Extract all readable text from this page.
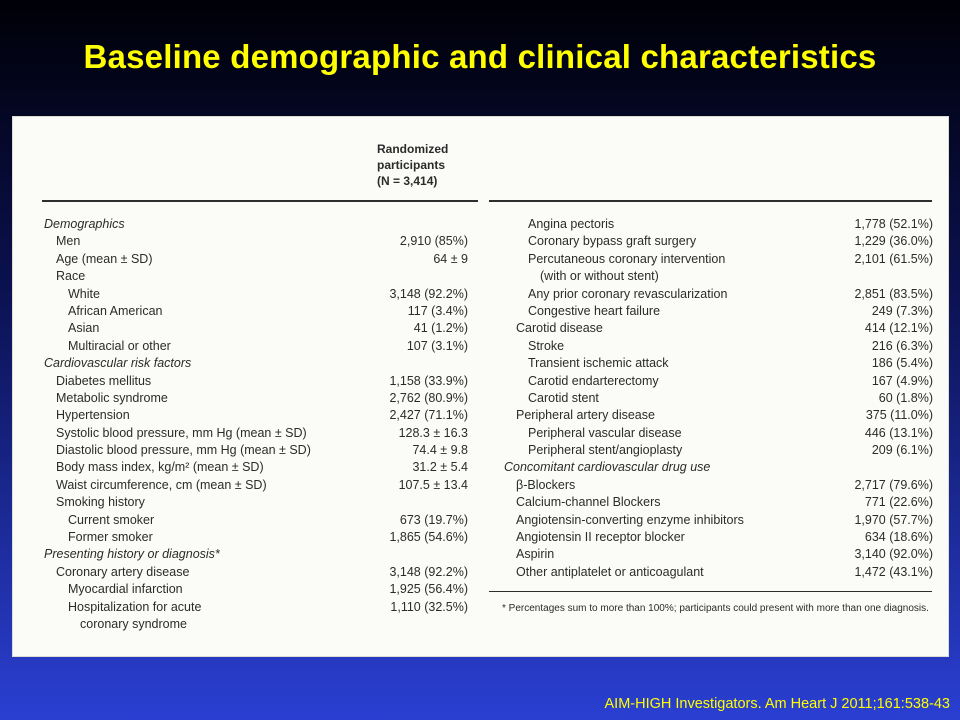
Baseline demographic and clinical characteristics
Randomized
participants
(N = 3,414)
Demographics
Men	2,910 (85%)
Age (mean ± SD)	64 ± 9
Race
White	3,148 (92.2%)
African American	117 (3.4%)
Asian	41 (1.2%)
Multiracial or other	107 (3.1%)
Cardiovascular risk factors
Diabetes mellitus	1,158 (33.9%)
Metabolic syndrome	2,762 (80.9%)
Hypertension	2,427 (71.1%)
Systolic blood pressure, mm Hg (mean ± SD)	128.3 ± 16.3
Diastolic blood pressure, mm Hg (mean ± SD)	74.4 ± 9.8
Body mass index, kg/m² (mean ± SD)	31.2 ± 5.4
Waist circumference, cm (mean ± SD)	107.5 ± 13.4
Smoking history
Current smoker	673 (19.7%)
Former smoker	1,865 (54.6%)
Presenting history or diagnosis*
Coronary artery disease	3,148 (92.2%)
Myocardial infarction	1,925 (56.4%)
Hospitalization for acute	1,110 (32.5%)
coronary syndrome
Angina pectoris	1,778 (52.1%)
Coronary bypass graft surgery	1,229 (36.0%)
Percutaneous coronary intervention	2,101 (61.5%)
(with or without stent)
Any prior coronary revascularization	2,851 (83.5%)
Congestive heart failure	249 (7.3%)
Carotid disease	414 (12.1%)
Stroke	216 (6.3%)
Transient ischemic attack	186 (5.4%)
Carotid endarterectomy	167 (4.9%)
Carotid stent	60 (1.8%)
Peripheral artery disease	375 (11.0%)
Peripheral vascular disease	446 (13.1%)
Peripheral stent/angioplasty	209 (6.1%)
Concomitant cardiovascular drug use
β-Blockers	2,717 (79.6%)
Calcium-channel Blockers	771 (22.6%)
Angiotensin-converting enzyme inhibitors	1,970 (57.7%)
Angiotensin II receptor blocker	634 (18.6%)
Aspirin	3,140 (92.0%)
Other antiplatelet or anticoagulant	1,472 (43.1%)
* Percentages sum to more than 100%; participants could present with more than one diagnosis.
AIM-HIGH Investigators. Am Heart J 2011;161:538-43
